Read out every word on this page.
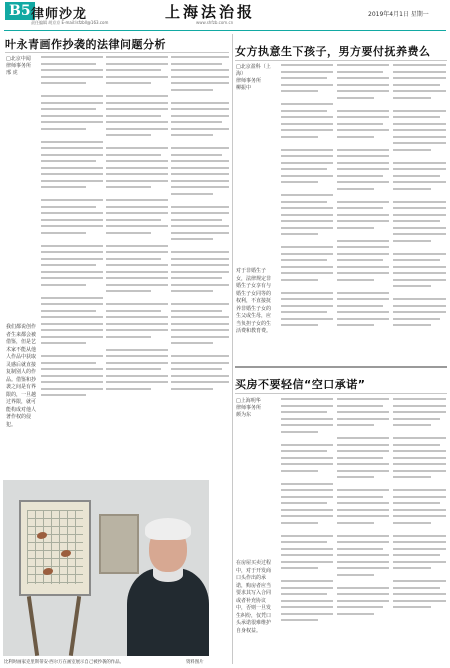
B5 律师沙龙
责任编辑 胡京京 E-mail:lsfzbll@163.com
上海法治报
www.shfzb.com.cn
2019年4月1日 星期一
叶永青画作抄袭的法律问题分析
□北京中闻
律师事务所
邢 虎
我们都说创作者生来都会被借鉴，但是艺术家不能从他人作品中获取灵感后就直接复制别人的作品。借鉴和抄袭之间是有界限的，一旦越过界限，就可能构成对他人著作权的侵犯。
比利时画家克里斯蒂安·西尔万在画室展示自己被抄袭的作品。	资料图片
女方执意生下孩子，男方要付抚养费么
□北京盈科（上海）
律师事务所
柳振中
对于非婚生子女，法律规定非婚生子女享有与婚生子女同等的权利，不直接抚养非婚生子女的生父或生母，应当负担子女的生活费和教育费。
买房不要轻信“空口承诺”
□上海明华
律师事务所
颜为东
在房屋买卖过程中，对于开发商口头作出的承诺，购房者应当要求其写入合同或者补充协议中，否则一旦发生纠纷，仅凭口头承诺很难维护自身权益。
